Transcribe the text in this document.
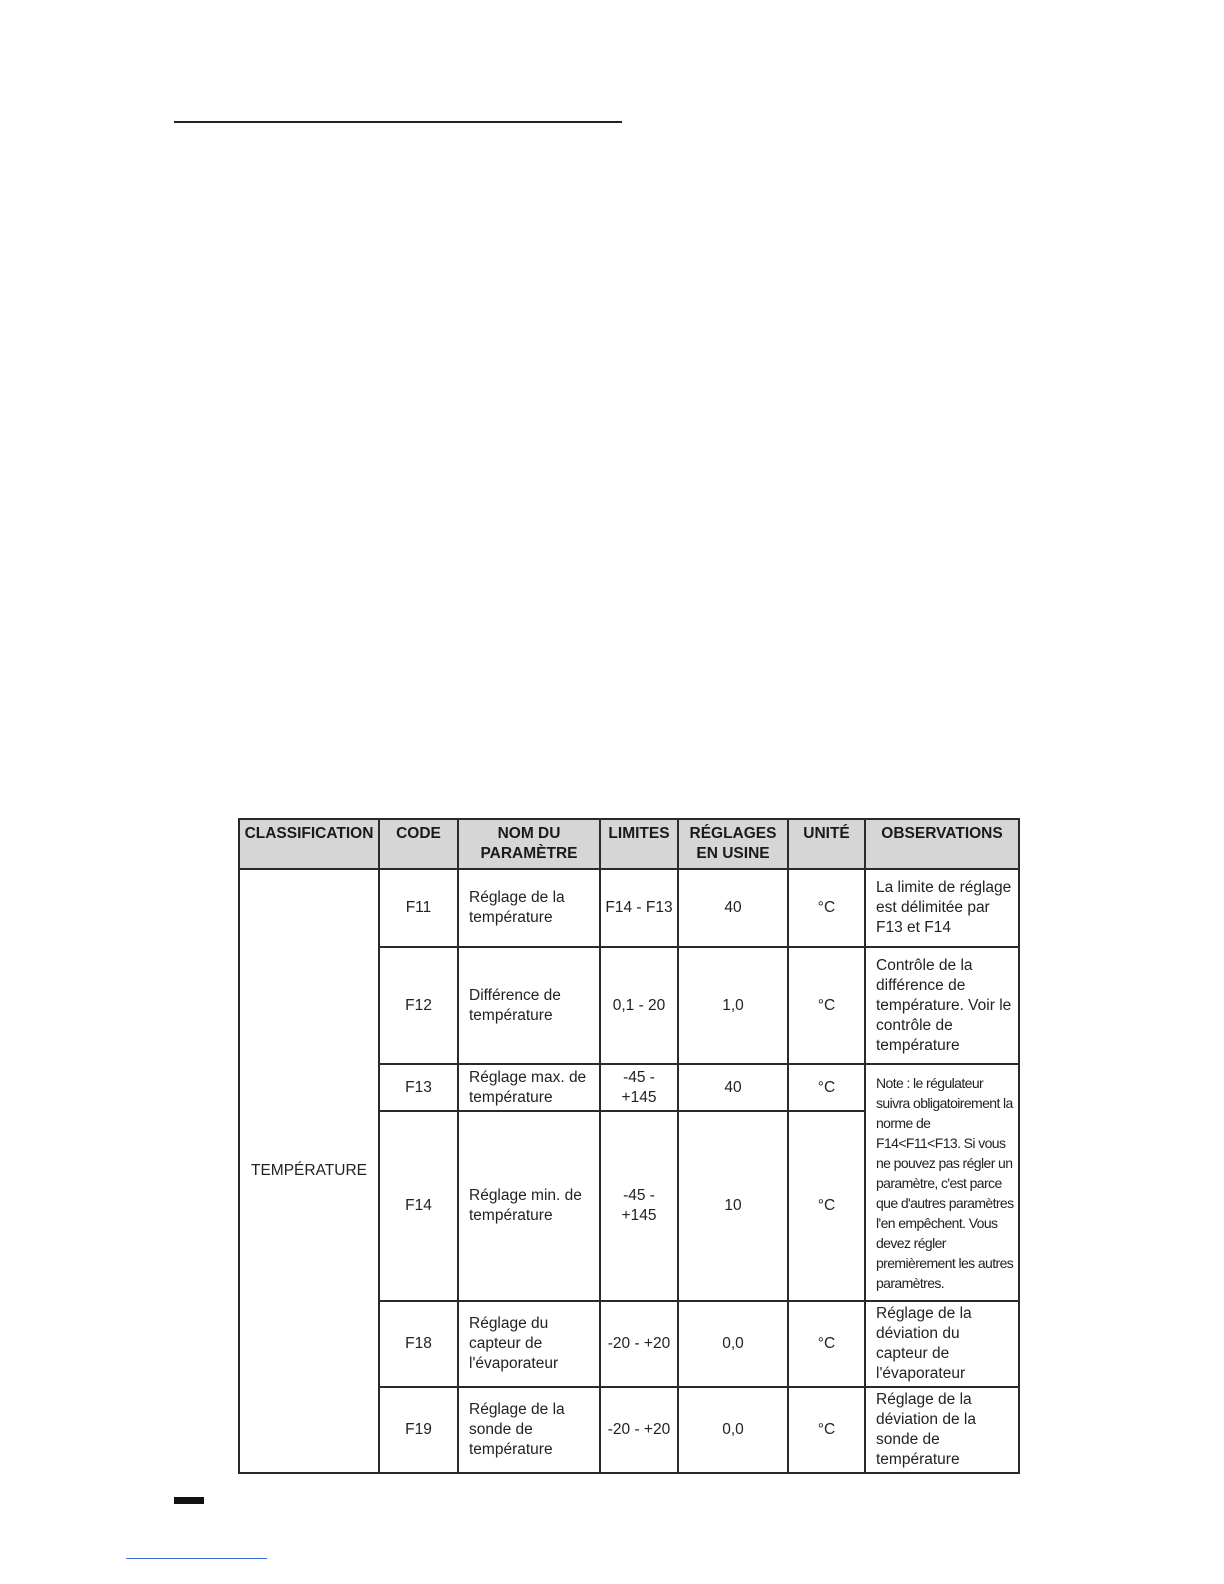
CLASSIFICATION	CODE	NOM DU PARAMÈTRE	LIMITES	RÉGLAGES EN USINE	UNITÉ	OBSERVATIONS
TEMPÉRATURE	F11	Réglage de la température	F14 - F13	40	°C	La limite de réglage est délimitée par F13 et F14
	F12	Différence de température	0,1 - 20	1,0	°C	Contrôle de la différence de température. Voir le contrôle de température
	F13	Réglage max. de température	-45 - +145	40	°C	Note : le régulateur suivra obligatoirement la norme de F14<F11<F13. Si vous ne pouvez pas régler un paramètre, c'est parce que d'autres paramètres l'en empêchent. Vous devez régler premièrement les autres paramètres.
	F14	Réglage min. de température	-45 - +145	10	°C	
	F18	Réglage du capteur de l'évaporateur	-20 - +20	0,0	°C	Réglage de la déviation du capteur de l'évaporateur
	F19	Réglage de la sonde de température	-20 - +20	0,0	°C	Réglage de la déviation de la sonde de température
